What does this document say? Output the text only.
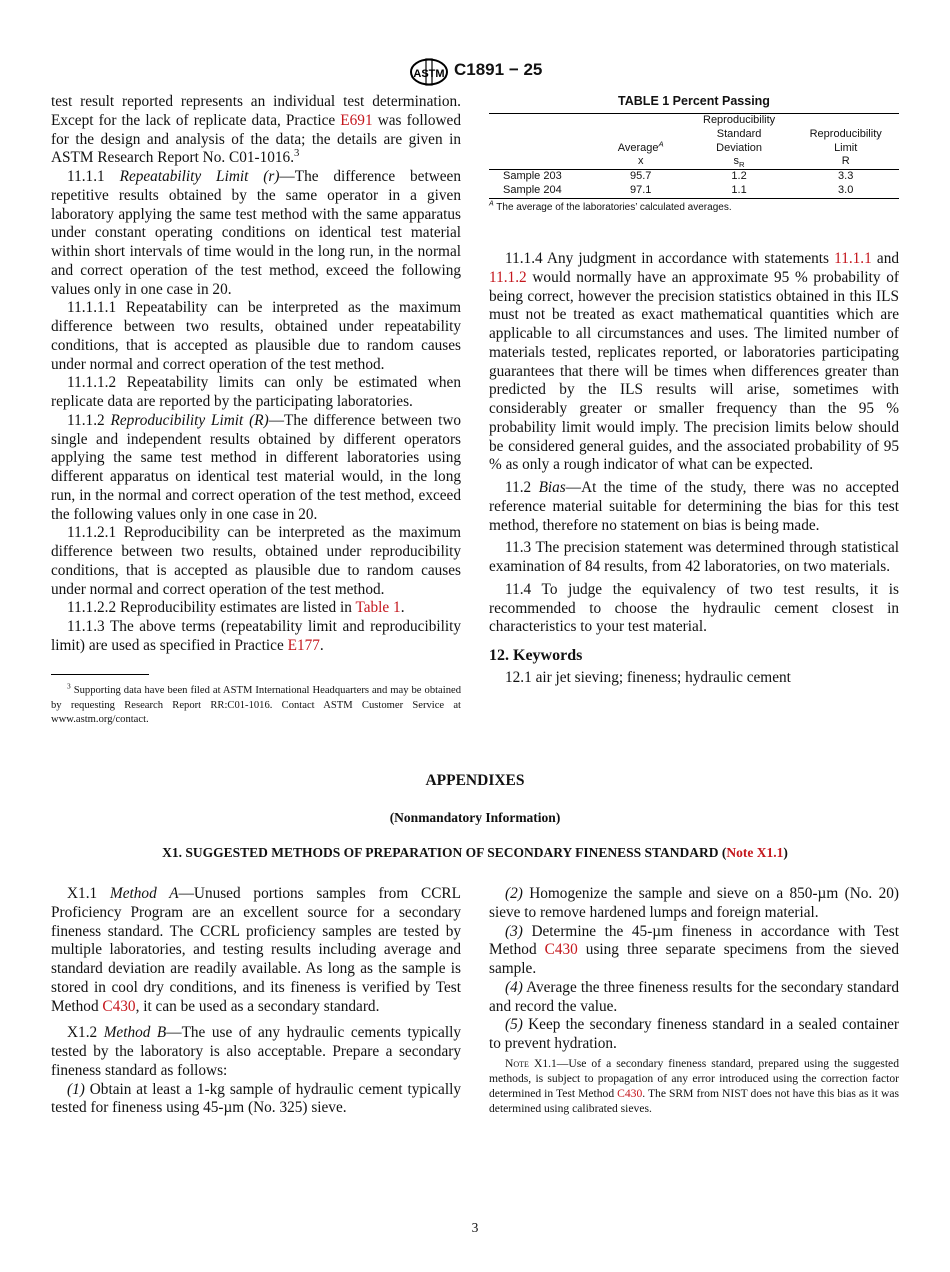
ASTM C1891 − 25

test result reported represents an individual test determination. Except for the lack of replicate data, Practice E691 was followed for the design and analysis of the data; the details are given in ASTM Research Report No. C01-1016.$^3$

11.1.1 Repeatability Limit (r)—The difference between repetitive results obtained by the same operator in a given laboratory applying the same test method with the same apparatus under constant operating conditions on identical test material within short intervals of time would in the long run, in the normal and correct operation of the test method, exceed the following values only in one case in 20.

11.1.1.1 Repeatability can be interpreted as the maximum difference between two results, obtained under repeatability conditions, that is accepted as plausible due to random causes under normal and correct operation of the test method.

11.1.1.2 Repeatability limits can only be estimated when replicate data are reported by the participating laboratories.

11.1.2 Reproducibility Limit (R)—The difference between two single and independent results obtained by different operators applying the same test method in different laboratories using different apparatus on identical test material would, in the long run, in the normal and correct operation of the test method, exceed the following values only in one case in 20.

11.1.2.1 Reproducibility can be interpreted as the maximum difference between two results, obtained under reproducibility conditions, that is accepted as plausible due to random causes under normal and correct operation of the test method.

11.1.2.2 Reproducibility estimates are listed in Table 1.

11.1.3 The above terms (repeatability limit and reproducibility limit) are used as specified in Practice E177.

$^3$ Supporting data have been filed at ASTM International Headquarters and may be obtained by requesting Research Report RR:C01-1016. Contact ASTM Customer Service at www.astm.org/contact.

TABLE 1 Percent Passing
		Reproducibility	
		Standard	Reproducibility
	Average$^A$	Deviation	Limit
	x	$s_R$	R
Sample 203	95.7	1.2	3.3
Sample 204	97.1	1.1	3.0
$^A$ The average of the laboratories’ calculated averages.

11.1.4 Any judgment in accordance with statements 11.1.1 and 11.1.2 would normally have an approximate 95 % probability of being correct, however the precision statistics obtained in this ILS must not be treated as exact mathematical quantities which are applicable to all circumstances and uses. The limited number of materials tested, replicates reported, or laboratories participating guarantees that there will be times when differences greater than predicted by the ILS results will arise, sometimes with considerably greater or smaller frequency than the 95 % probability limit would imply. The precision limits below should be considered general guides, and the associated probability of 95 % as only a rough indicator of what can be expected.

11.2 Bias—At the time of the study, there was no accepted reference material suitable for determining the bias for this test method, therefore no statement on bias is being made.

11.3 The precision statement was determined through statistical examination of 84 results, from 42 laboratories, on two materials.

11.4 To judge the equivalency of two test results, it is recommended to choose the hydraulic cement closest in characteristics to your test material.

12. Keywords

12.1 air jet sieving; fineness; hydraulic cement

APPENDIXES
(Nonmandatory Information)
X1. SUGGESTED METHODS OF PREPARATION OF SECONDARY FINENESS STANDARD (Note X1.1)

X1.1 Method A—Unused portions samples from CCRL Proficiency Program are an excellent source for a secondary fineness standard. The CCRL proficiency samples are tested by multiple laboratories, and testing results including average and standard deviation are readily available. As long as the sample is stored in cool dry conditions, and its fineness is verified by Test Method C430, it can be used as a secondary standard.

X1.2 Method B—The use of any hydraulic cements typically tested by the laboratory is also acceptable. Prepare a secondary fineness standard as follows:

(1) Obtain at least a 1-kg sample of hydraulic cement typically tested for fineness using 45-µm (No. 325) sieve.

(2) Homogenize the sample and sieve on a 850-µm (No. 20) sieve to remove hardened lumps and foreign material.

(3) Determine the 45-µm fineness in accordance with Test Method C430 using three separate specimens from the sieved sample.

(4) Average the three fineness results for the secondary standard and record the value.

(5) Keep the secondary fineness standard in a sealed container to prevent hydration.

Note X1.1—Use of a secondary fineness standard, prepared using the suggested methods, is subject to propagation of any error introduced using the correction factor determined in Test Method C430. The SRM from NIST does not have this bias as it was determined using calibrated sieves.

3
